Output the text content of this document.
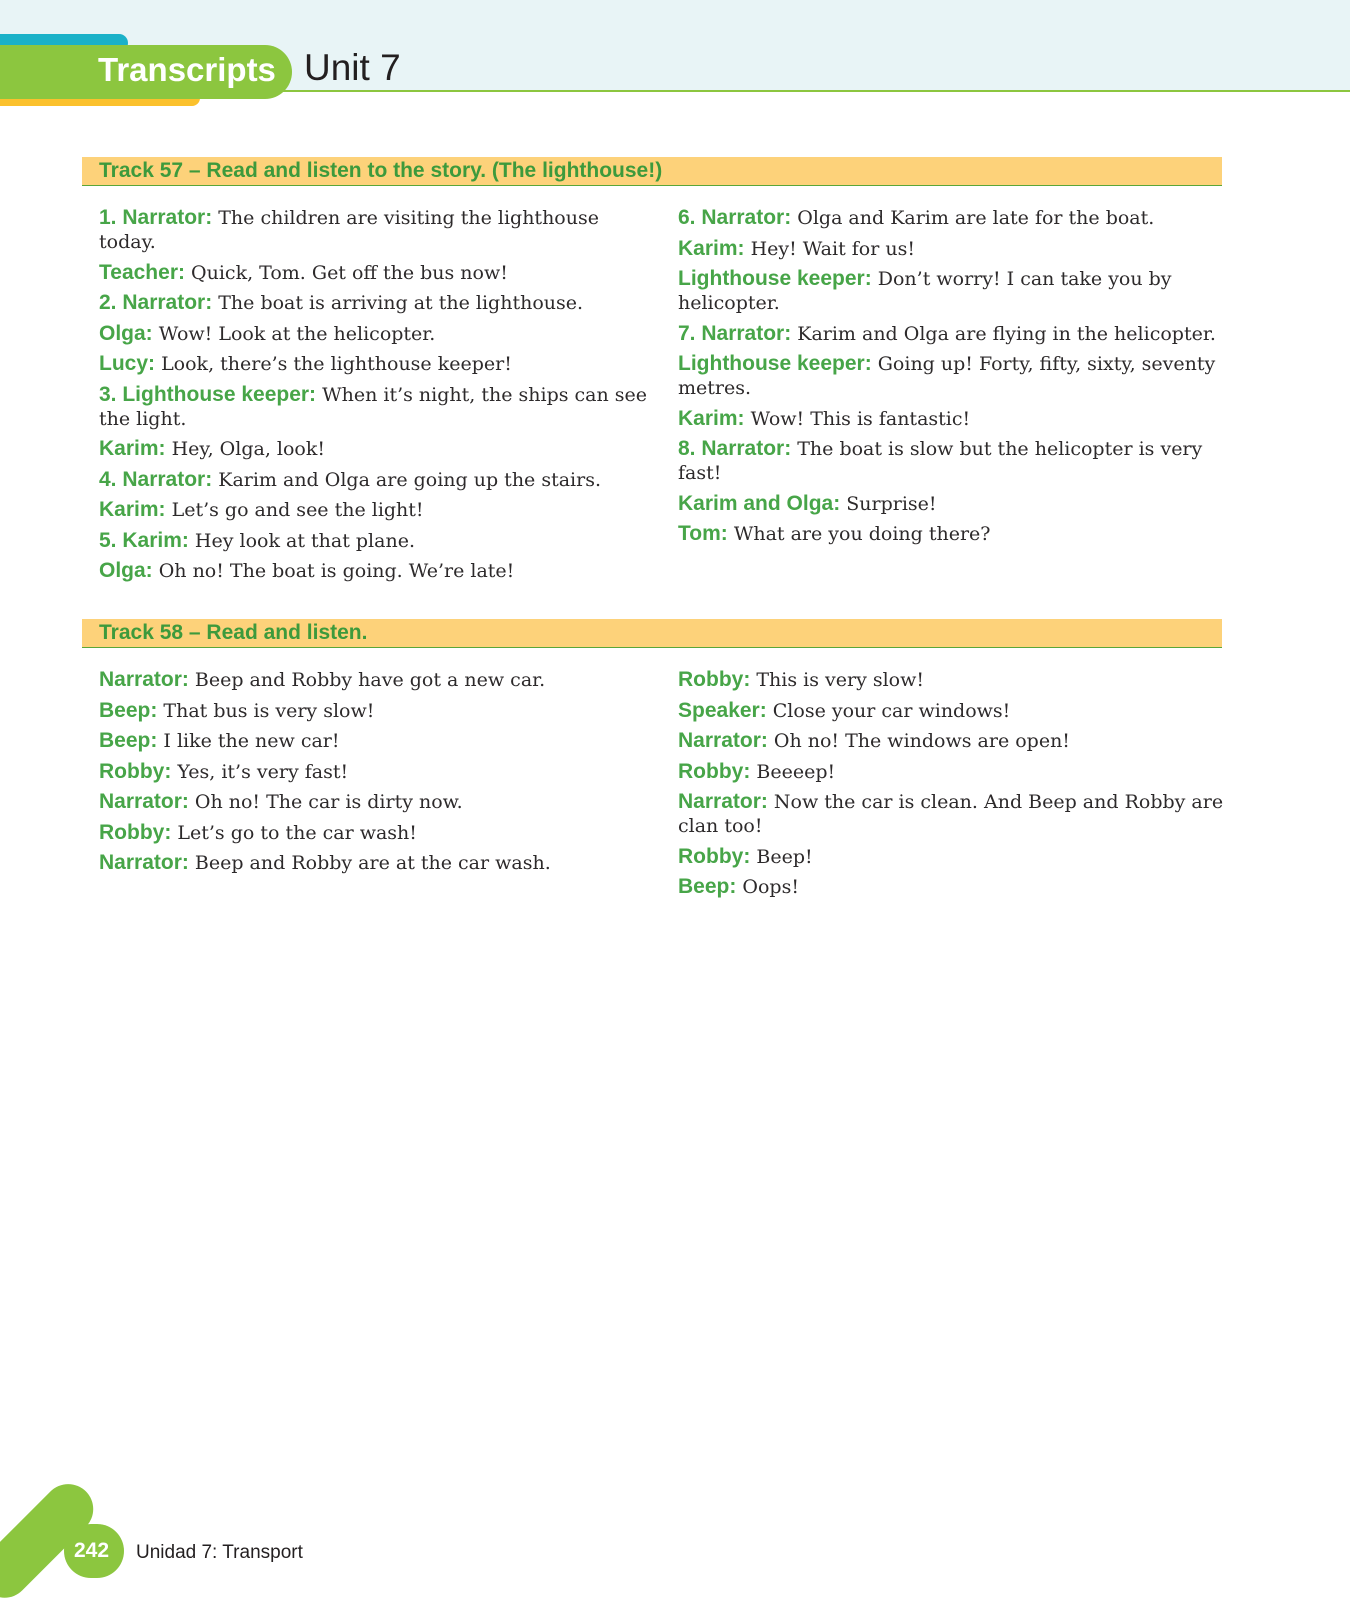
Transcripts Unit 7
Track 57 – Read and listen to the story. (The lighthouse!)
1. Narrator: The children are visiting the lighthouse today.
Teacher: Quick, Tom. Get off the bus now!
2. Narrator: The boat is arriving at the lighthouse.
Olga: Wow! Look at the helicopter.
Lucy: Look, there’s the lighthouse keeper!
3. Lighthouse keeper: When it’s night, the ships can see the light.
Karim: Hey, Olga, look!
4. Narrator: Karim and Olga are going up the stairs.
Karim: Let’s go and see the light!
5. Karim: Hey look at that plane.
Olga: Oh no! The boat is going. We’re late!
6. Narrator: Olga and Karim are late for the boat.
Karim: Hey! Wait for us!
Lighthouse keeper: Don’t worry! I can take you by helicopter.
7. Narrator: Karim and Olga are flying in the helicopter.
Lighthouse keeper: Going up! Forty, fifty, sixty, seventy metres.
Karim: Wow! This is fantastic!
8. Narrator: The boat is slow but the helicopter is very fast!
Karim and Olga: Surprise!
Tom: What are you doing there?
Track 58 – Read and listen.
Narrator: Beep and Robby have got a new car.
Beep: That bus is very slow!
Beep: I like the new car!
Robby: Yes, it’s very fast!
Narrator: Oh no! The car is dirty now.
Robby: Let’s go to the car wash!
Narrator: Beep and Robby are at the car wash.
Robby: This is very slow!
Speaker: Close your car windows!
Narrator: Oh no! The windows are open!
Robby: Beeeep!
Narrator: Now the car is clean. And Beep and Robby are clan too!
Robby: Beep!
Beep: Oops!
242 Unidad 7: Transport
